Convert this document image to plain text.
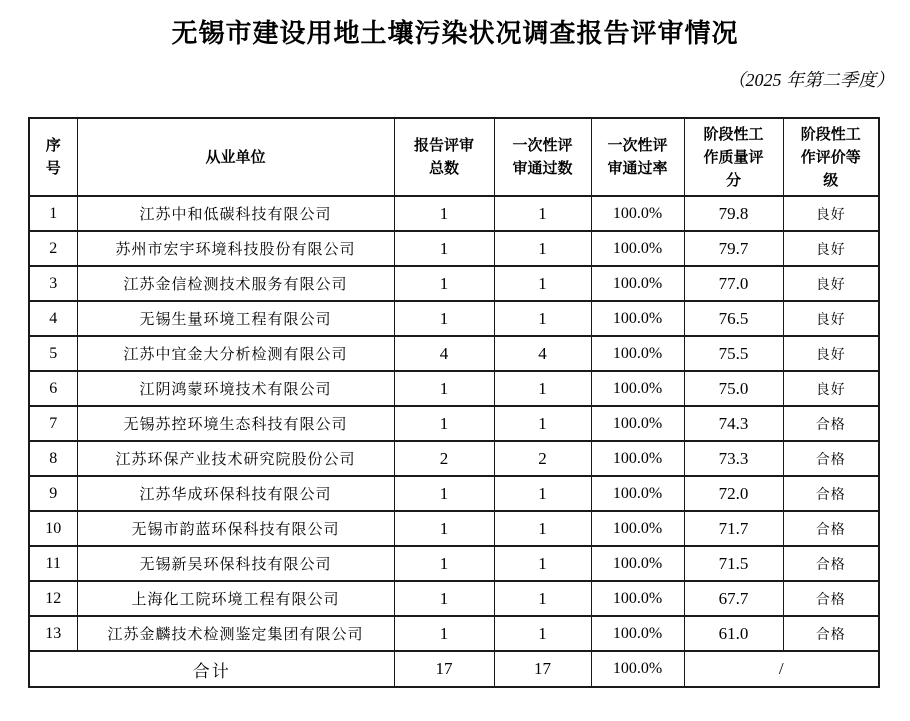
无锡市建设用地土壤污染状况调查报告评审情况
（2025 年第二季度）
序号	从业单位	报告评审总数	一次性评审通过数	一次性评审通过率	阶段性工作质量评分	阶段性工作评价等级
1	江苏中和低碳科技有限公司	1	1	100.0%	79.8	良好
2	苏州市宏宇环境科技股份有限公司	1	1	100.0%	79.7	良好
3	江苏金信检测技术服务有限公司	1	1	100.0%	77.0	良好
4	无锡生量环境工程有限公司	1	1	100.0%	76.5	良好
5	江苏中宜金大分析检测有限公司	4	4	100.0%	75.5	良好
6	江阴鸿蒙环境技术有限公司	1	1	100.0%	75.0	良好
7	无锡苏控环境生态科技有限公司	1	1	100.0%	74.3	合格
8	江苏环保产业技术研究院股份公司	2	2	100.0%	73.3	合格
9	江苏华成环保科技有限公司	1	1	100.0%	72.0	合格
10	无锡市韵蓝环保科技有限公司	1	1	100.0%	71.7	合格
11	无锡新吴环保科技有限公司	1	1	100.0%	71.5	合格
12	上海化工院环境工程有限公司	1	1	100.0%	67.7	合格
13	江苏金麟技术检测鉴定集团有限公司	1	1	100.0%	61.0	合格
合计		17	17	100.0%	/	
